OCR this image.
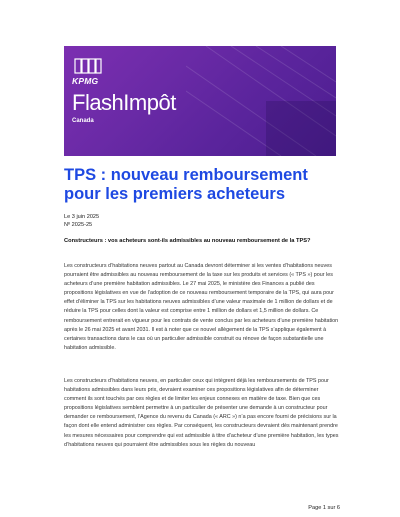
KPMG
FlashImpôt
Canada
TPS : nouveau remboursement pour les premiers acheteurs
Le 3 juin 2025
Nº 2025-25
Constructeurs : vos acheteurs sont-ils admissibles au nouveau remboursement de la TPS?

Les constructeurs d’habitations neuves partout au Canada devront déterminer si les ventes d’habitations neuves pourraient être admissibles au nouveau remboursement de la taxe sur les produits et services (« TPS ») pour les acheteurs d’une première habitation admissibles. Le 27 mai 2025, le ministère des Finances a publié des propositions législatives en vue de l’adoption de ce nouveau remboursement temporaire de la TPS, qui aura pour effet d’éliminer la TPS sur les habitations neuves admissibles d’une valeur maximale de 1 million de dollars et de réduire la TPS pour celles dont la valeur est comprise entre 1 million de dollars et 1,5 million de dollars. Ce remboursement entrerait en vigueur pour les contrats de vente conclus par les acheteurs d’une première habitation après le 26 mai 2025 et avant 2031. Il est à noter que ce nouvel allègement de la TPS s’applique également à certaines transactions dans le cas où un particulier admissible construit ou rénove de façon substantielle une habitation admissible.

Les constructeurs d’habitations neuves, en particulier ceux qui intègrent déjà les remboursements de TPS pour habitations admissibles dans leurs prix, devraient examiner ces propositions législatives afin de déterminer comment ils sont touchés par ces règles et de limiter les enjeux connexes en matière de taxe. Bien que ces propositions législatives semblent permettre à un particulier de présenter une demande à un constructeur pour demander ce remboursement, l’Agence du revenu du Canada (« ARC ») n’a pas encore fourni de précisions sur la façon dont elle entend administrer ces règles. Par conséquent, les constructeurs devraient dès maintenant prendre les mesures nécessaires pour comprendre qui est admissible à titre d’acheteur d’une première habitation, les types d’habitations neuves qui pourraient être admissibles sous les règles du nouveau

Page 1 sur 6
